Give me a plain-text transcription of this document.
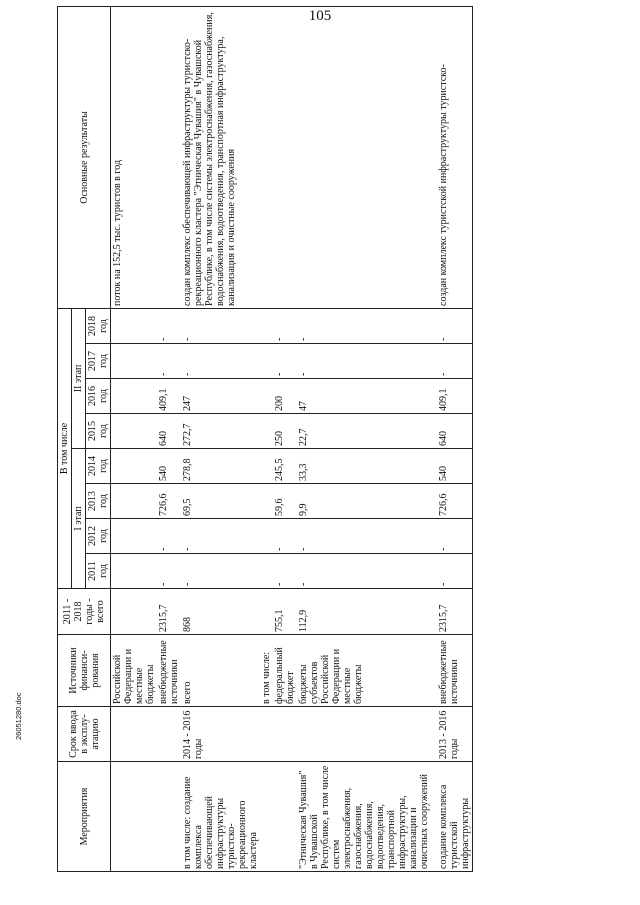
105
Мероприятия	Срок ввода в эксплу-атацию	Источники финанси-рования	2011 - 2018 годы - всего	В том числе								Основные результаты
				I этап				II этап				
				2011 год	2012 год	2013 год	2014 год	2015 год	2016 год	2017 год	2018 год	
		Российской Федерации и местные бюджеты										поток на 152,5 тыс. туристов в год
		внебюджетные источники	2315,7	-	-	726,6	540	640	409,1	-	-	
в том числе: создание комплекса обеспечивающей инфраструктуры туристско-рекреационного кластера	2014 - 2016 годы	всего	868	-	-	69,5	278,8	272,7	247	-	-	создан комплекс обеспечивающей инфраструктуры туристско-рекреационного кластера "Этническая Чувашия" в Чувашской Республике, в том числе системы электроснабжения, газоснабжения, водоснабжения, водоотведения, транспортная инфраструктура, канализация и очистные сооружения
		в том числе:										
		федеральный бюджет	755,1	-	-	59,6	245,5	250	200	-	-	
"Этническая Чувашия" в Чувашской Республике, в том числе систем электроснабжения, газоснабжения, водоснабжения, водоотведения, транспортной инфраструктуры, канализации и очистных сооружений		бюджеты субъектов Российской Федерации и местные бюджеты	112,9	-	-	9,9	33,3	22,7	47	-	-	

создание комплекса туристской инфраструктуры	2013 - 2016 годы	внебюджетные источники	2315,7	-	-	726,6	540	640	409,1	-	-	создан комплекс туристской инфраструктуры туристско-
26051280.doc
